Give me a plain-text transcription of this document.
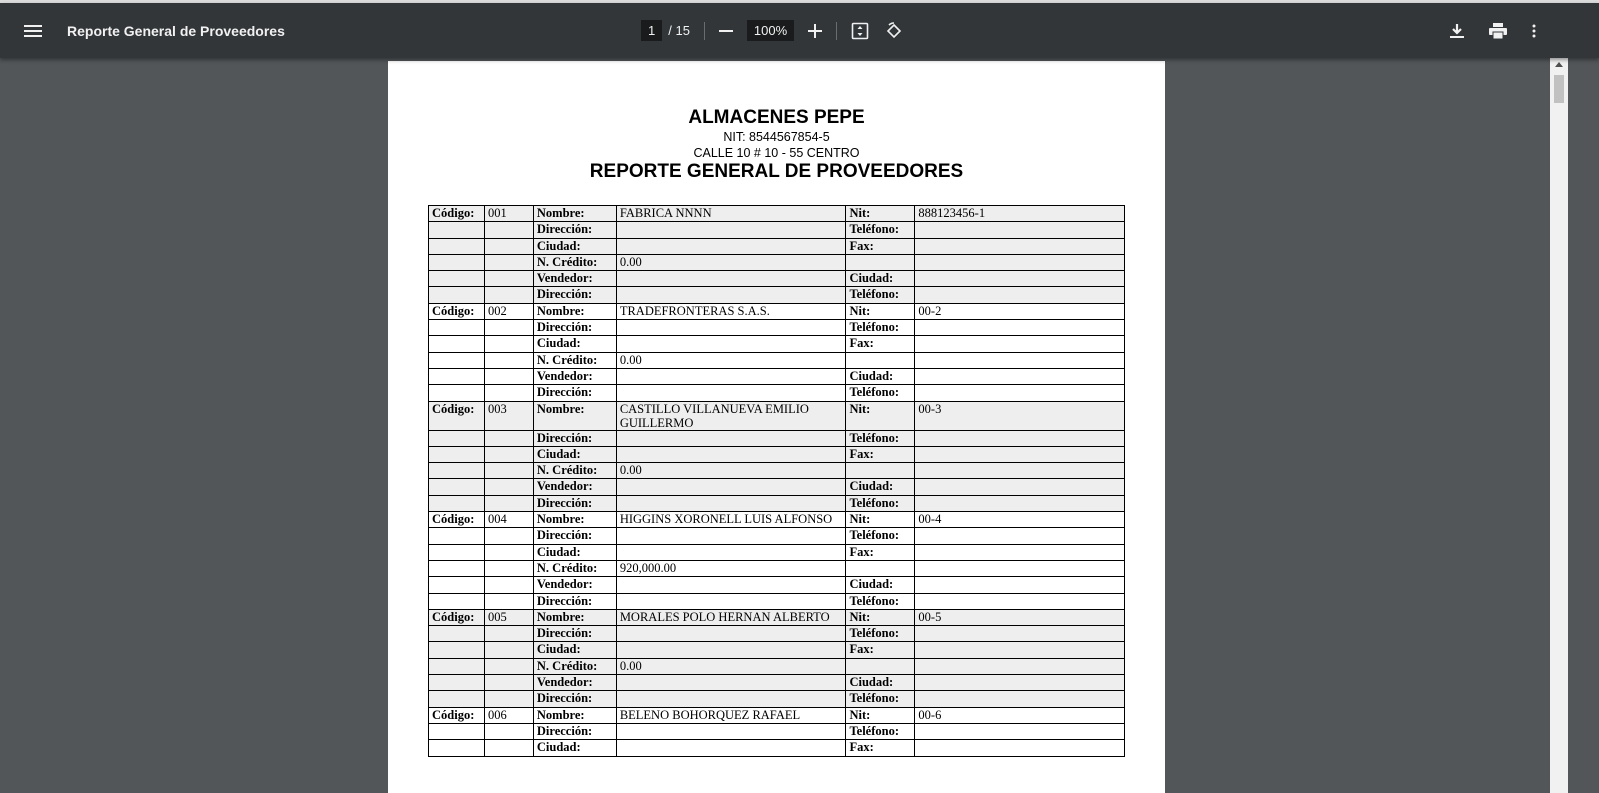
Reporte General de Proveedores	1	/ 15	100%
ALMACENES PEPE
NIT: 8544567854-5
CALLE 10 # 10 - 55 CENTRO
REPORTE GENERAL DE PROVEEDORES
Código:	001	Nombre:	FABRICA NNNN	Nit:	888123456-1
		Dirección:		Teléfono:	
		Ciudad:		Fax:	
		N. Crédito:	0.00		
		Vendedor:		Ciudad:	
		Dirección:		Teléfono:	
Código:	002	Nombre:	TRADEFRONTERAS S.A.S.	Nit:	00-2
		Dirección:		Teléfono:	
		Ciudad:		Fax:	
		N. Crédito:	0.00		
		Vendedor:		Ciudad:	
		Dirección:		Teléfono:	
Código:	003	Nombre:	CASTILLO VILLANUEVA EMILIO GUILLERMO	Nit:	00-3
		Dirección:		Teléfono:	
		Ciudad:		Fax:	
		N. Crédito:	0.00		
		Vendedor:		Ciudad:	
		Dirección:		Teléfono:	
Código:	004	Nombre:	HIGGINS XORONELL LUIS ALFONSO	Nit:	00-4
		Dirección:		Teléfono:	
		Ciudad:		Fax:	
		N. Crédito:	920,000.00		
		Vendedor:		Ciudad:	
		Dirección:		Teléfono:	
Código:	005	Nombre:	MORALES POLO HERNAN ALBERTO	Nit:	00-5
		Dirección:		Teléfono:	
		Ciudad:		Fax:	
		N. Crédito:	0.00		
		Vendedor:		Ciudad:	
		Dirección:		Teléfono:	
Código:	006	Nombre:	BELENO BOHORQUEZ RAFAEL	Nit:	00-6
		Dirección:		Teléfono:	
		Ciudad:		Fax:	
